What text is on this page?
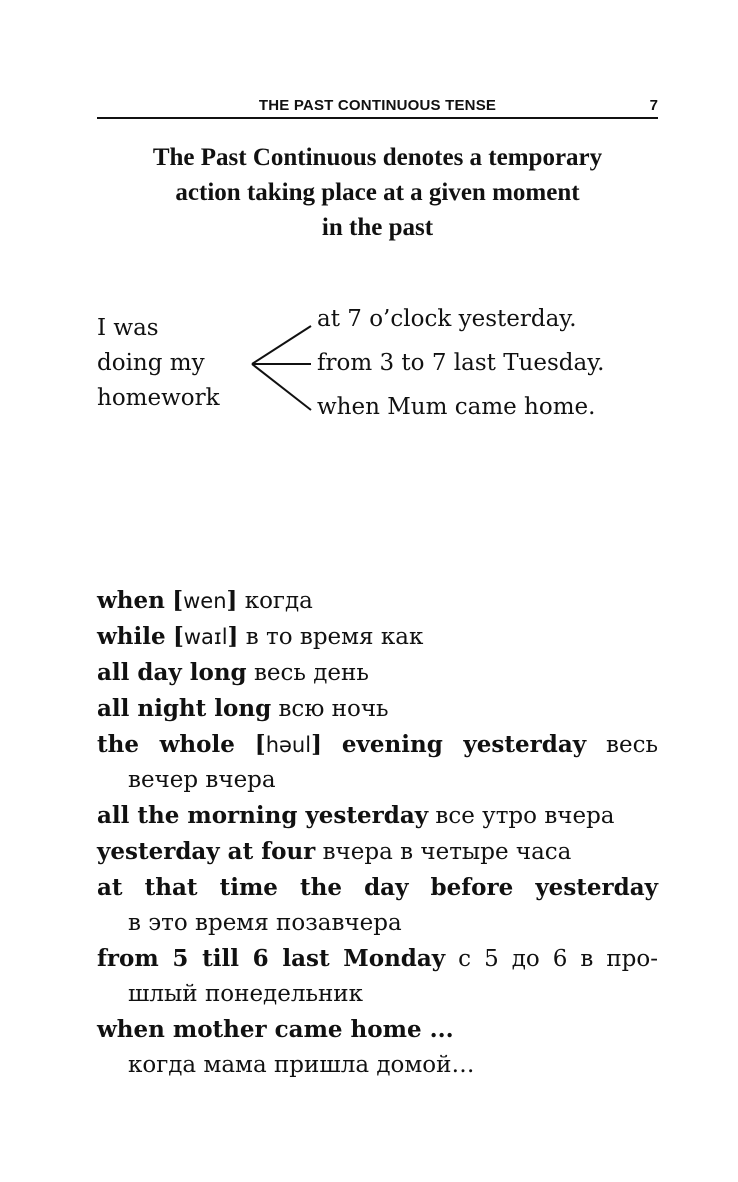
THE PAST CONTINUOUS TENSE	7
The Past Continuous denotes a temporary
action taking place at a given moment
in the past
I was
doing my
homework
at 7 o’clock yesterday.
from 3 to 7 last Tuesday.
when Mum came home.

when [wen] когда

while [waɪl] в то время как

all day long весь день

all night long всю ночь

the whole [həul] evening yesterday весь

вечер вчера

all the morning yesterday все утро вчера

yesterday at four вчера в четыре часа

at that time the day before yesterday

в это время позавчера

from 5 till 6 last Monday с 5 до 6 в про-

шлый понедельник

when mother came home ...

когда мама пришла домой…
